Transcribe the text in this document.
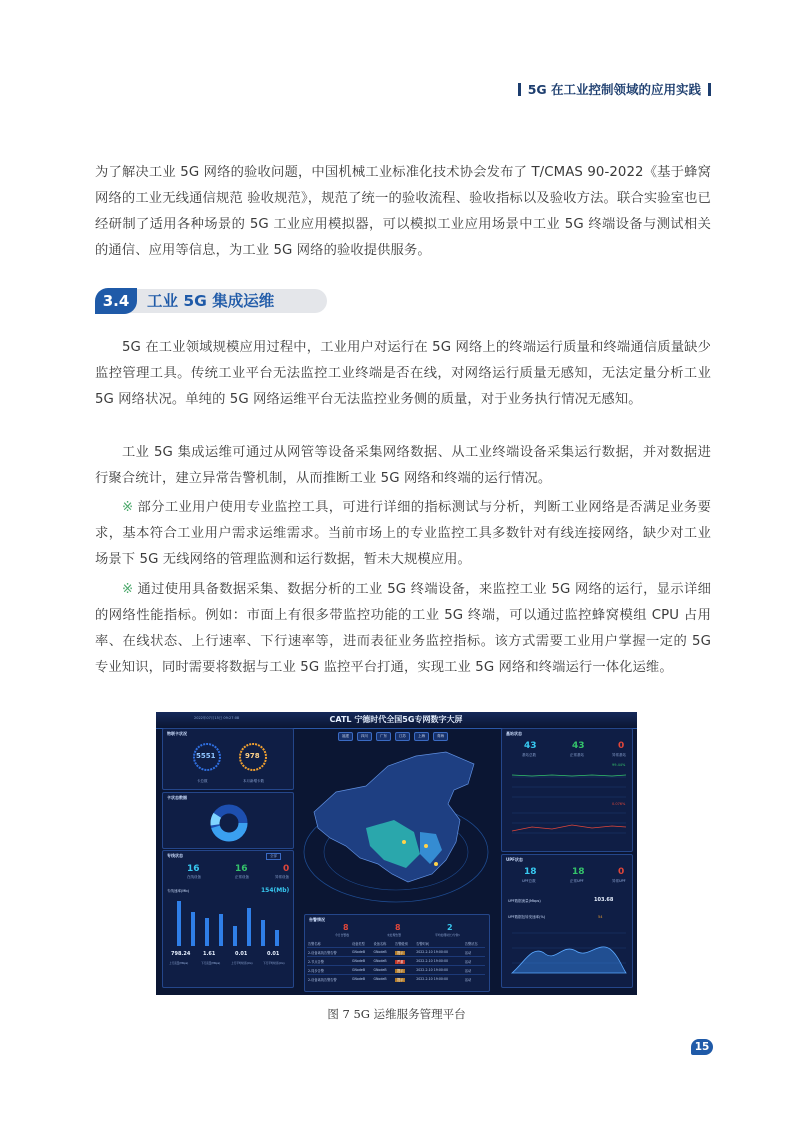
5G 在工业控制领域的应用实践

为了解决工业 5G 网络的验收问题，中国机械工业标准化技术协会发布了 T/CMAS 90-2022《基于蜂窝网络的工业无线通信规范 验收规范》，规范了统一的验收流程、验收指标以及验收方法。联合实验室也已经研制了适用各种场景的 5G 工业应用模拟器，可以模拟工业应用场景中工业 5G 终端设备与测试相关的通信、应用等信息，为工业 5G 网络的验收提供服务。

3.4	工业 5G 集成运维

5G 在工业领域规模应用过程中，工业用户对运行在 5G 网络上的终端运行质量和终端通信质量缺少监控管理工具。传统工业平台无法监控工业终端是否在线，对网络运行质量无感知，无法定量分析工业 5G 网络状况。单纯的 5G 网络运维平台无法监控业务侧的质量，对于业务执行情况无感知。

工业 5G 集成运维可通过从网管等设备采集网络数据、从工业终端设备采集运行数据，并对数据进行聚合统计，建立异常告警机制，从而推断工业 5G 网络和终端的运行情况。

※ 部分工业用户使用专业监控工具，可进行详细的指标测试与分析，判断工业网络是否满足业务要求，基本符合工业用户需求运维需求。当前市场上的专业监控工具多数针对有线连接网络，缺少对工业场景下 5G 无线网络的管理监测和运行数据，暂未大规模应用。

※ 通过使用具备数据采集、数据分析的工业 5G 终端设备，来监控工业 5G 网络的运行，显示详细的网络性能指标。例如：市面上有很多带监控功能的工业 5G 终端，可以通过监控蜂窝模组 CPU 占用率、在线状态、上行速率、下行速率等，进而表征业务监控指标。该方式需要工业用户掌握一定的 5G 专业知识，同时需要将数据与工业 5G 监控平台打通，实现工业 5G 网络和终端运行一体化运维。

2022年07月15日 09:27:08	CATL 宁德时代全国5G专网数字大屏
福建	四川	广东	江苏	上海	青海
物联卡状况
5551	978
卡总数	本月新增卡数
卡状态数据
专线状态	全部
16	16	0
在线设备	正常设备	异常设备
专线速率(Mb)	154(Mb)
798.24	1.61	0.01	0.01
上行流量(Mbps)	下行流量(Mbps)	上行平均时延(ms)	下行平均时延(ms)
告警情况
8	8	2
今日告警数	未处理告警	平均处理时长(分钟)
告警名称	设备类型	设备名称	告警级别	告警时间	告警状态
2-设备离线告警告警	GNodeB	GNodeB	提示	2022-2-10 19:00:00	活动
2-节点告警	GNodeB	GNodeB	严重	2022-2-10 19:00:00	活动
2-同步告警	GNodeB	GNodeB	提示	2022-2-10 19:00:00	活动
2-设备离线告警告警	GNodeB	GNodeB	提示	2022-2-10 19:00:00	活动
基站状态
43	43	0
基站总数	正常基站	异常基站
99.44%
0.076%
UPF状态
18	18	0
UPF总数	正常UPF	异常UPF
UPF数据流量(Mbps)	103.68
UPF数据包转发速率(%)	54
图 7 5G 运维服务管理平台
15
